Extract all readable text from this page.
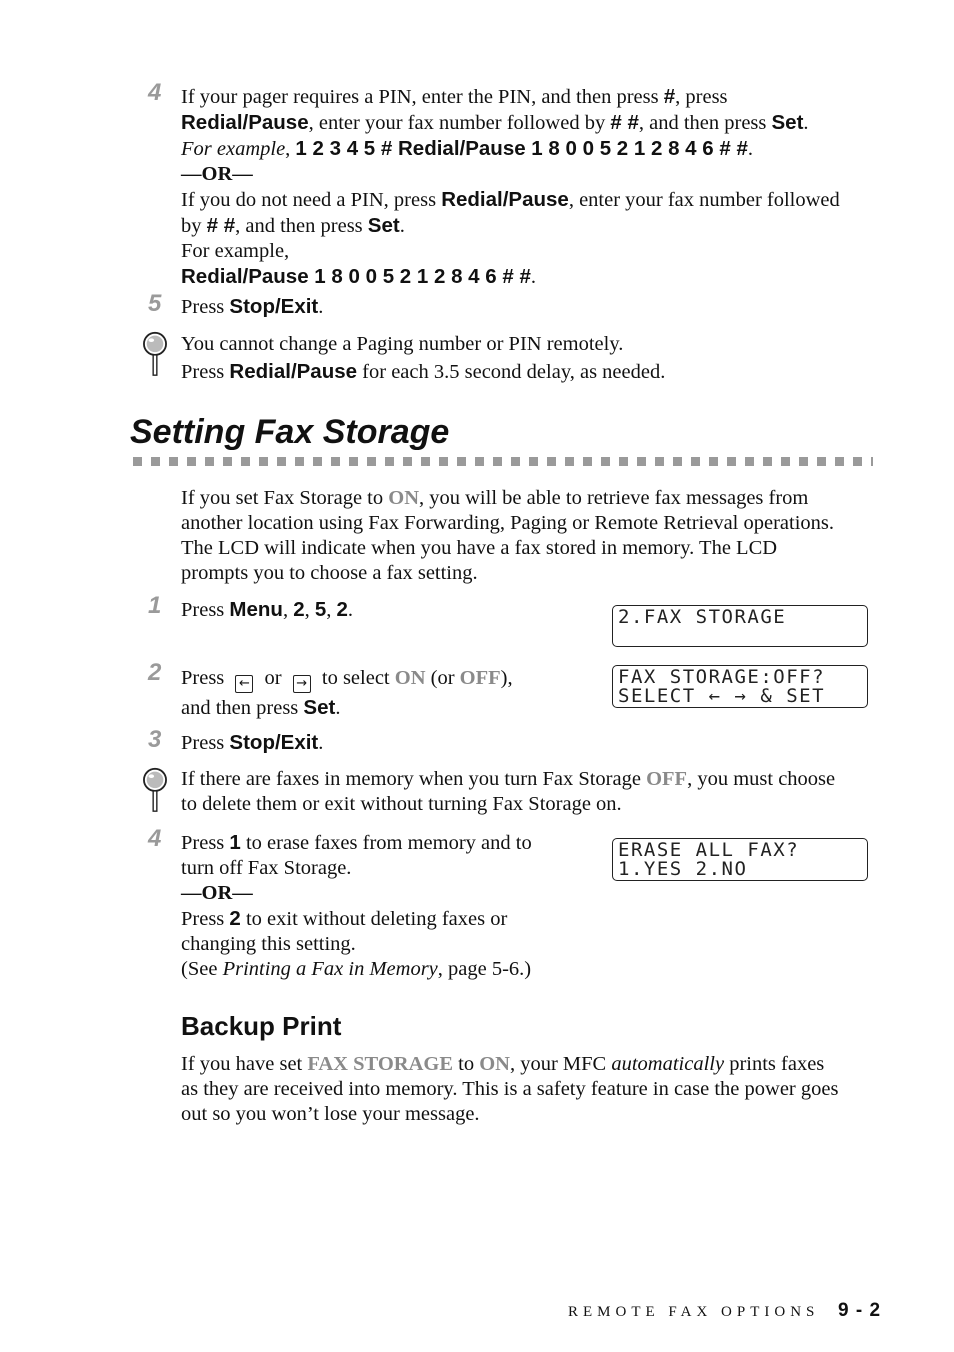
4 If your pager requires a PIN, enter the PIN, and then press #, press
Redial/Pause, enter your fax number followed by # #, and then press Set.
For example, 1 2 3 4 5 # Redial/Pause 1 8 0 0 5 2 1 2 8 4 6 # #.
—OR—
If you do not need a PIN, press Redial/Pause, enter your fax number followed
by # #, and then press Set.
For example,
Redial/Pause 1 8 0 0 5 2 1 2 8 4 6 # #.
5 Press Stop/Exit.
You cannot change a Paging number or PIN remotely.
Press Redial/Pause for each 3.5 second delay, as needed.
Setting Fax Storage
If you set Fax Storage to ON, you will be able to retrieve fax messages from
another location using Fax Forwarding, Paging or Remote Retrieval operations.
The LCD will indicate when you have a fax stored in memory. The LCD
prompts you to choose a fax setting.
1 Press Menu, 2, 5, 2.	2.FAX STORAGE
2 Press ← or → to select ON (or OFF),
and then press Set.
FAX STORAGE:OFF?
SELECT ← → & SET
3 Press Stop/Exit.
If there are faxes in memory when you turn Fax Storage OFF, you must choose
to delete them or exit without turning Fax Storage on.
4 Press 1 to erase faxes from memory and to
turn off Fax Storage.
—OR—
Press 2 to exit without deleting faxes or
changing this setting.
(See Printing a Fax in Memory, page 5-6.)
ERASE ALL FAX?
1.YES 2.NO
Backup Print
If you have set FAX STORAGE to ON, your MFC automatically prints faxes
as they are received into memory. This is a safety feature in case the power goes
out so you won’t lose your message.
REMOTE FAX OPTIONS 9 - 2
